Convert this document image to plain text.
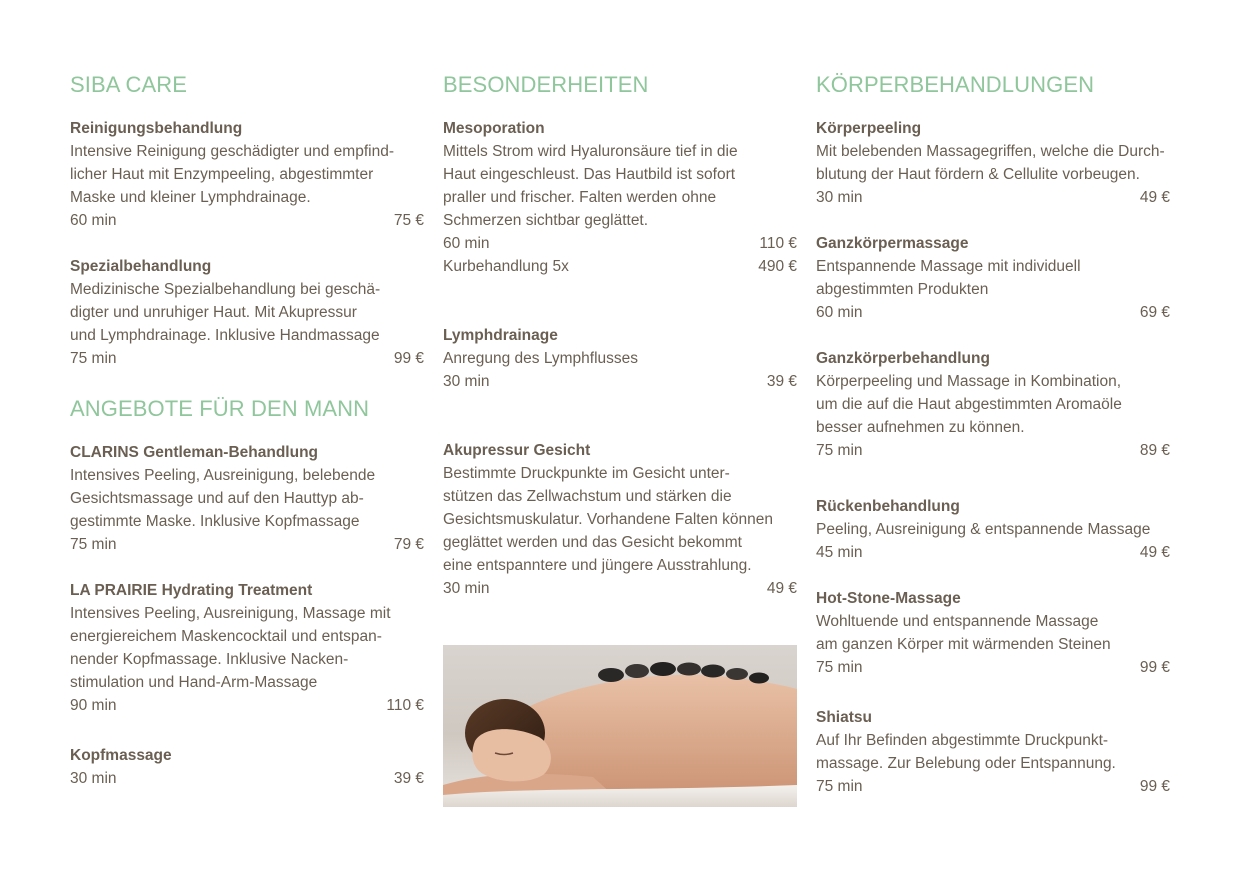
SIBA CARE
Reinigungsbehandlung

Intensive Reinigung geschädigter und empfind-

licher Haut mit Enzympeeling, abgestimmter

Maske und kleiner Lymphdrainage.

60 min	75 €
Spezialbehandlung

Medizinische Spezialbehandlung bei geschä-

digter und unruhiger Haut. Mit Akupressur

und Lymphdrainage. Inklusive Handmassage

75 min	99 €
ANGEBOTE FÜR DEN MANN
CLARINS Gentleman-Behandlung

Intensives Peeling, Ausreinigung, belebende

Gesichtsmassage und auf den Hauttyp ab-

gestimmte Maske. Inklusive Kopfmassage

75 min	79 €
LA PRAIRIE Hydrating Treatment

Intensives Peeling, Ausreinigung, Massage mit

energiereichem Maskencocktail und entspan-

nender Kopfmassage. Inklusive Nacken-

stimulation und Hand-Arm-Massage

90 min	110 €
Kopfmassage
30 min	39 €
BESONDERHEITEN
Mesoporation

Mittels Strom wird Hyaluronsäure tief in die

Haut eingeschleust. Das Hautbild ist sofort

praller und frischer. Falten werden ohne

Schmerzen sichtbar geglättet.

60 min	110 €
Kurbehandlung 5x	490 €
Lymphdrainage

Anregung des Lymphflusses

30 min	39 €
Akupressur Gesicht

Bestimmte Druckpunkte im Gesicht unter-

stützen das Zellwachstum und stärken die

Gesichtsmuskulatur. Vorhandene Falten können

geglättet werden und das Gesicht bekommt

eine entspanntere und jüngere Ausstrahlung.

30 min	49 €
KÖRPERBEHANDLUNGEN
Körperpeeling

Mit belebenden Massagegriffen, welche die Durch-

blutung der Haut fördern & Cellulite vorbeugen.

30 min	49 €
Ganzkörpermassage

Entspannende Massage mit individuell

abgestimmten Produkten

60 min	69 €
Ganzkörperbehandlung

Körperpeeling und Massage in Kombination,

um die auf die Haut abgestimmten Aromaöle

besser aufnehmen zu können.

75 min	89 €
Rückenbehandlung

Peeling, Ausreinigung & entspannende Massage

45 min	49 €
Hot-Stone-Massage

Wohltuende und entspannende Massage

am ganzen Körper mit wärmenden Steinen

75 min	99 €
Shiatsu

Auf Ihr Befinden abgestimmte Druckpunkt-

massage. Zur Belebung oder Entspannung.

75 min	99 €
